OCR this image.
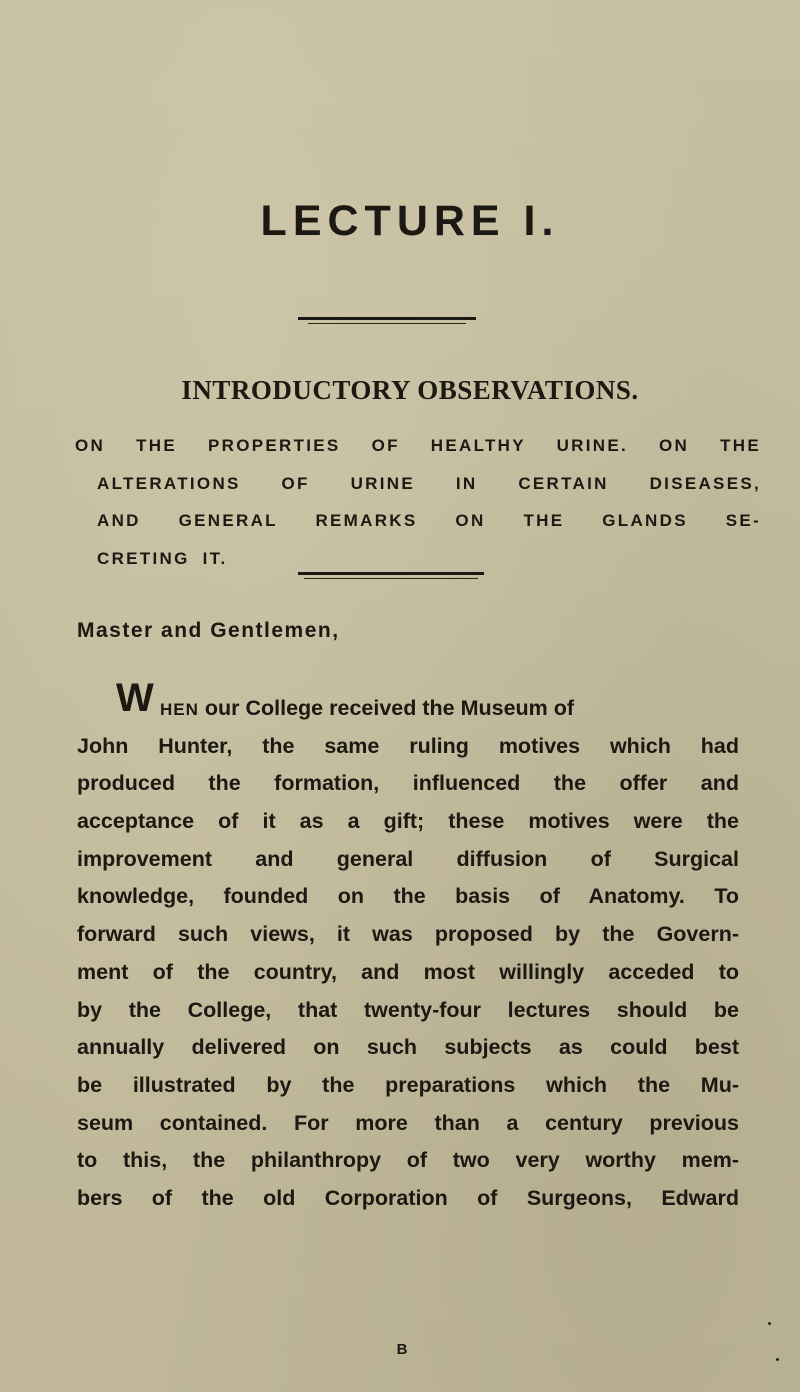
LECTURE I.
INTRODUCTORY OBSERVATIONS.
ON THE PROPERTIES OF HEALTHY URINE. ON THE
ALTERATIONS OF URINE IN CERTAIN DISEASES,
AND GENERAL REMARKS ON THE GLANDS SE-
CRETING IT.

Master and Gentlemen,

W HEN our College received the Museum of
John Hunter, the same ruling motives which had
produced the formation, influenced the offer and
acceptance of it as a gift; these motives were the
improvement and general diffusion of Surgical
knowledge, founded on the basis of Anatomy. To
forward such views, it was proposed by the Govern-
ment of the country, and most willingly acceded to
by the College, that twenty-four lectures should be
annually delivered on such subjects as could best
be illustrated by the preparations which the Mu-
seum contained. For more than a century previous
to this, the philanthropy of two very worthy mem-
bers of the old Corporation of Surgeons, Edward
B
